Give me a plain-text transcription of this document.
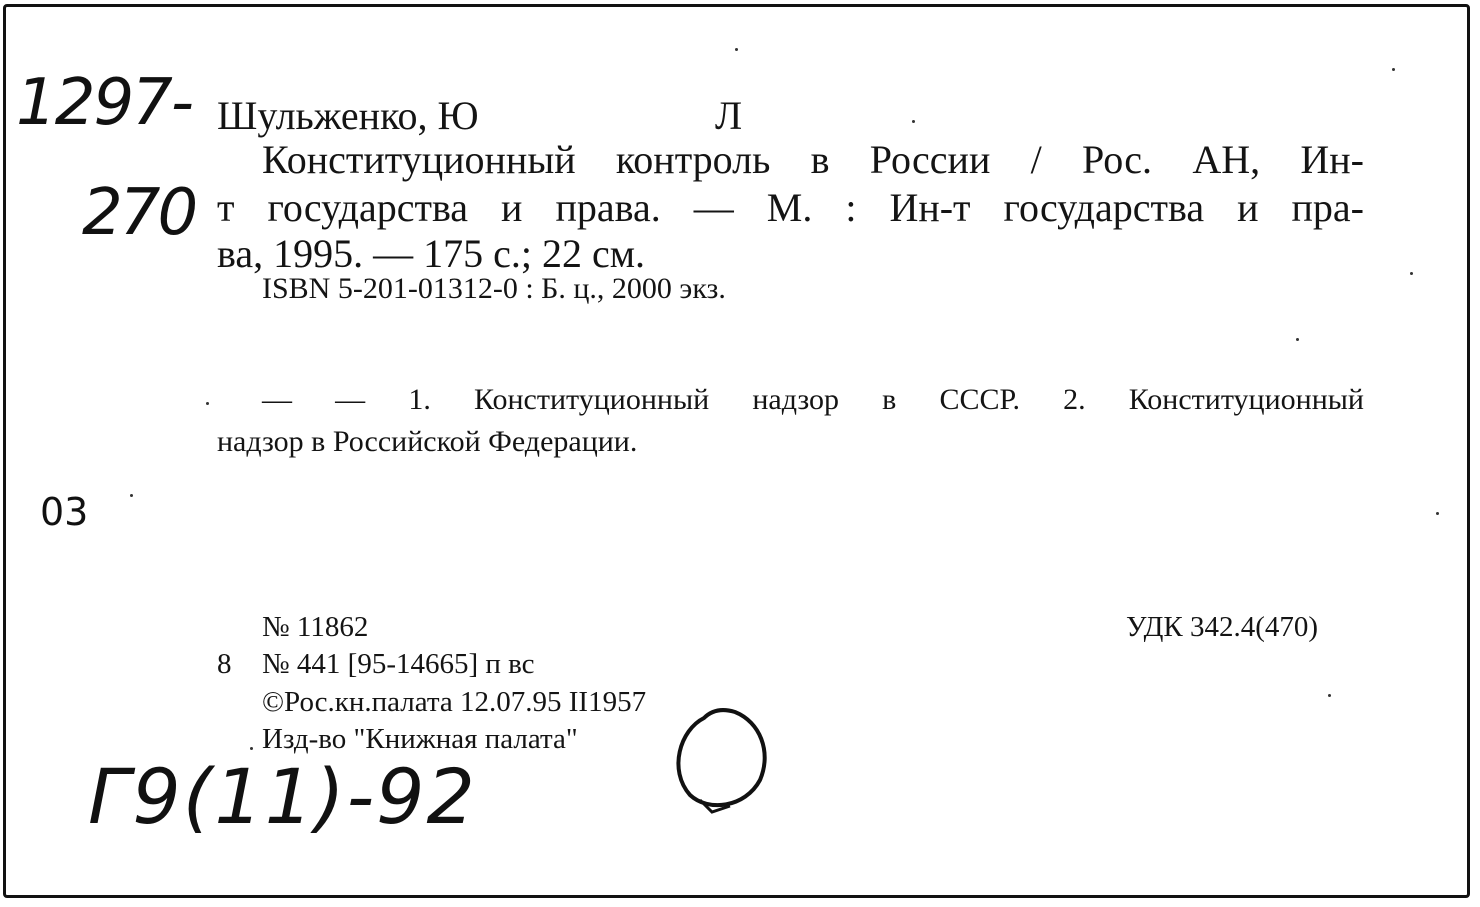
1297-
270
03
Шульженко, Ю	Л
Конституционный контроль в России / Рос. АН, Ин-
т государства и права. — М. : Ин-т государства и пра-
ва, 1995. — 175 с.; 22 см.
ISBN 5-201-01312-0 : Б. ц., 2000 экз.
— — 1. Конституционный надзор в СССР. 2. Конституционный
надзор в Российской Федерации.
№ 11862
8 № 441 [95-14665] п вс
©Рос.кн.палата 12.07.95 II1957
Изд-во "Книжная палата"
УДК 342.4(470)
Г9(11)-92
